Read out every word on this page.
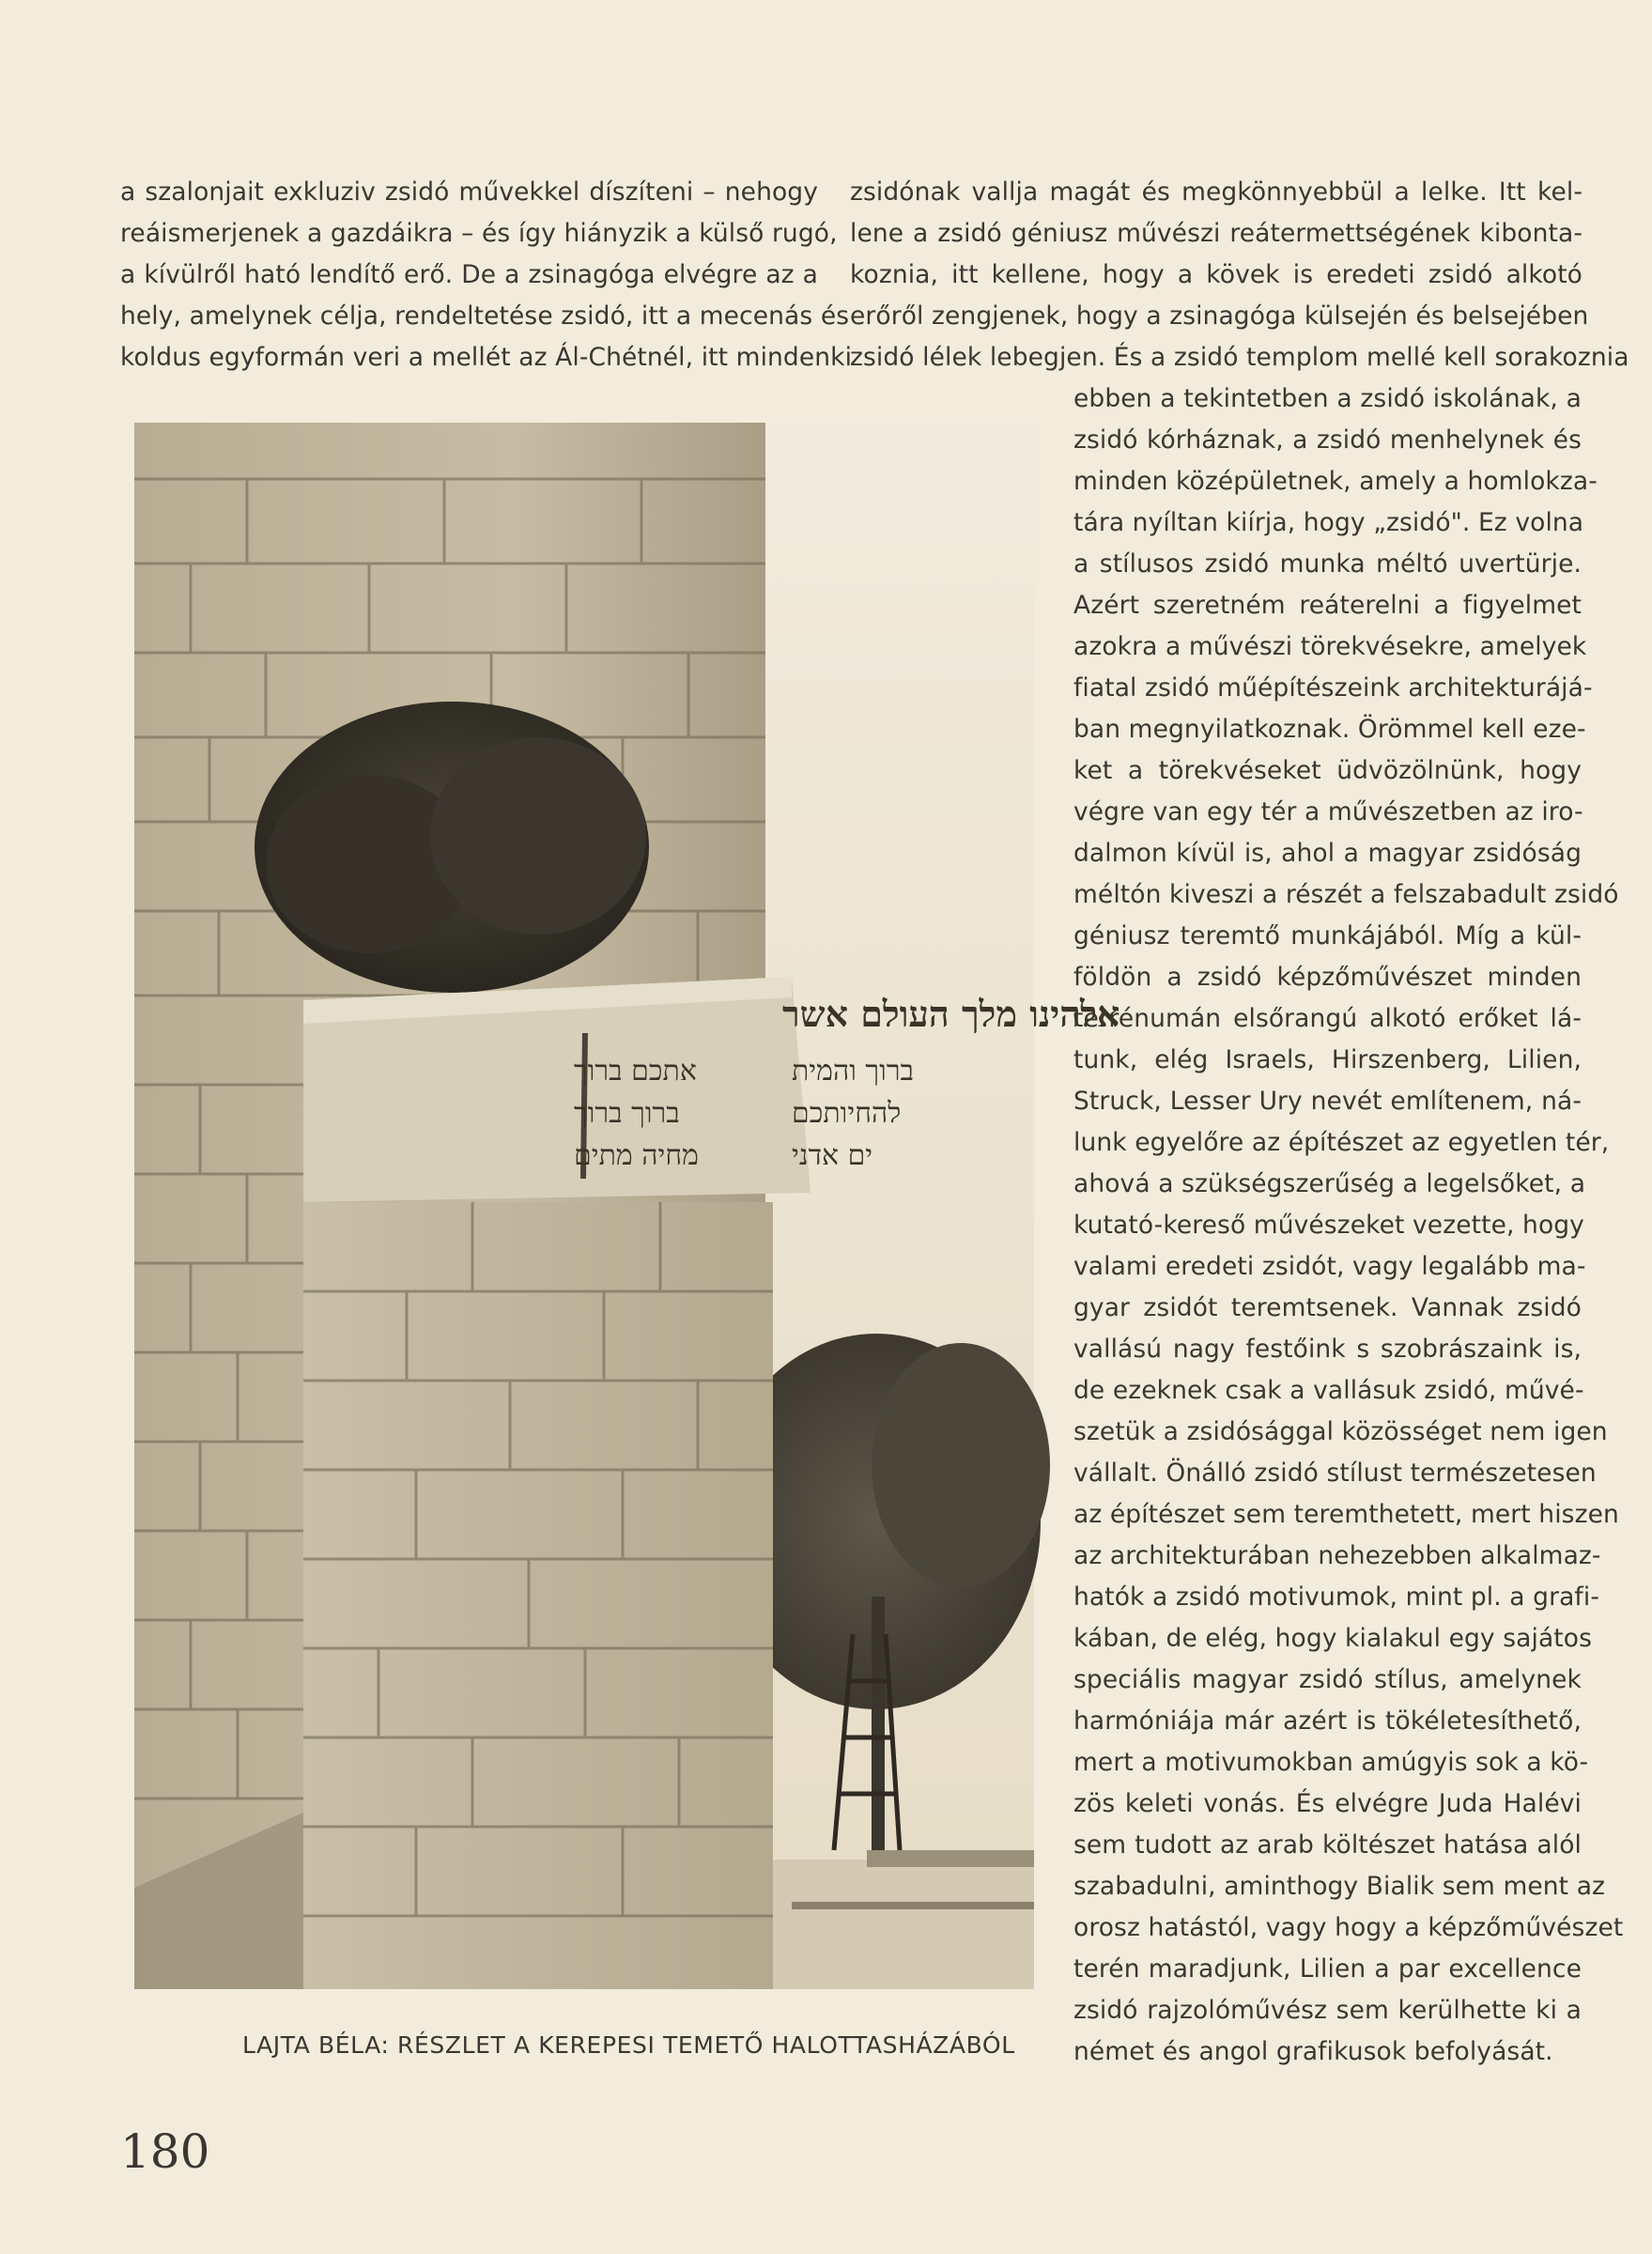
a szalonjait exkluziv zsidó művekkel díszíteni – nehogy
reáismerjenek a gazdáikra – és így hiányzik a külső rugó,
a kívülről ható lendítő erő. De a zsinagóga elvégre az a
hely, amelynek célja, rendeltetése zsidó, itt a mecenás és
koldus egyformán veri a mellét az Ál-Chétnél, itt mindenki
zsidónak vallja magát és megkönnyebbül a lelke. Itt kel-
lene a zsidó géniusz művészi reátermettségének kibonta-
koznia, itt kellene, hogy a kövek is eredeti zsidó alkotó
erőről zengjenek, hogy a zsinagóga külsején és belsejében
zsidó lélek lebegjen. És a zsidó templom mellé kell sorakoznia
ebben a tekintetben a zsidó iskolának, a
zsidó kórháznak, a zsidó menhelynek és
minden középületnek, amely a homlokza-
tára nyíltan kiírja, hogy „zsidó". Ez volna
a stílusos zsidó munka méltó uvertürje.
Azért szeretném reáterelni a figyelmet
azokra a művészi törekvésekre, amelyek
fiatal zsidó műépítészeink architekturájá-
ban megnyilatkoznak. Örömmel kell eze-
ket a törekvéseket üdvözölnünk, hogy
végre van egy tér a művészetben az iro-
dalmon kívül is, ahol a magyar zsidóság
méltón kiveszi a részét a felszabadult zsidó
géniusz teremtő munkájából. Míg a kül-
földön a zsidó képzőművészet minden
terrénumán elsőrangú alkotó erőket lá-
tunk, elég Israels, Hirszenberg, Lilien,
Struck, Lesser Ury nevét említenem, ná-
lunk egyelőre az építészet az egyetlen tér,
ahová a szükségszerűség a legelsőket, a
kutató-kereső művészeket vezette, hogy
valami eredeti zsidót, vagy legalább ma-
gyar zsidót teremtsenek. Vannak zsidó
vallású nagy festőink s szobrászaink is,
de ezeknek csak a vallásuk zsidó, művé-
szetük a zsidósággal közösséget nem igen
vállalt. Önálló zsidó stílust természetesen
az építészet sem teremthetett, mert hiszen
az architekturában nehezebben alkalmaz-
hatók a zsidó motivumok, mint pl. a grafi-
kában, de elég, hogy kialakul egy sajátos
speciális magyar zsidó stílus, amelynek
harmóniája már azért is tökéletesíthető,
mert a motivumokban amúgyis sok a kö-
zös keleti vonás. És elvégre Juda Halévi
sem tudott az arab költészet hatása alól
szabadulni, aminthogy Bialik sem ment az
orosz hatástól, vagy hogy a képzőművészet
terén maradjunk, Lilien a par excellence
zsidó rajzolóművész sem kerülhette ki a
német és angol grafikusok befolyását.
אלהינו מלך העולם אשר
אתכם ברוך
ברוך ברוך
מחיה מתים
ברוך והמית
להחיותכם
ים אדני
LAJTA BÉLA: RÉSZLET A KEREPESI TEMETŐ HALOTTASHÁZÁBÓL
180
